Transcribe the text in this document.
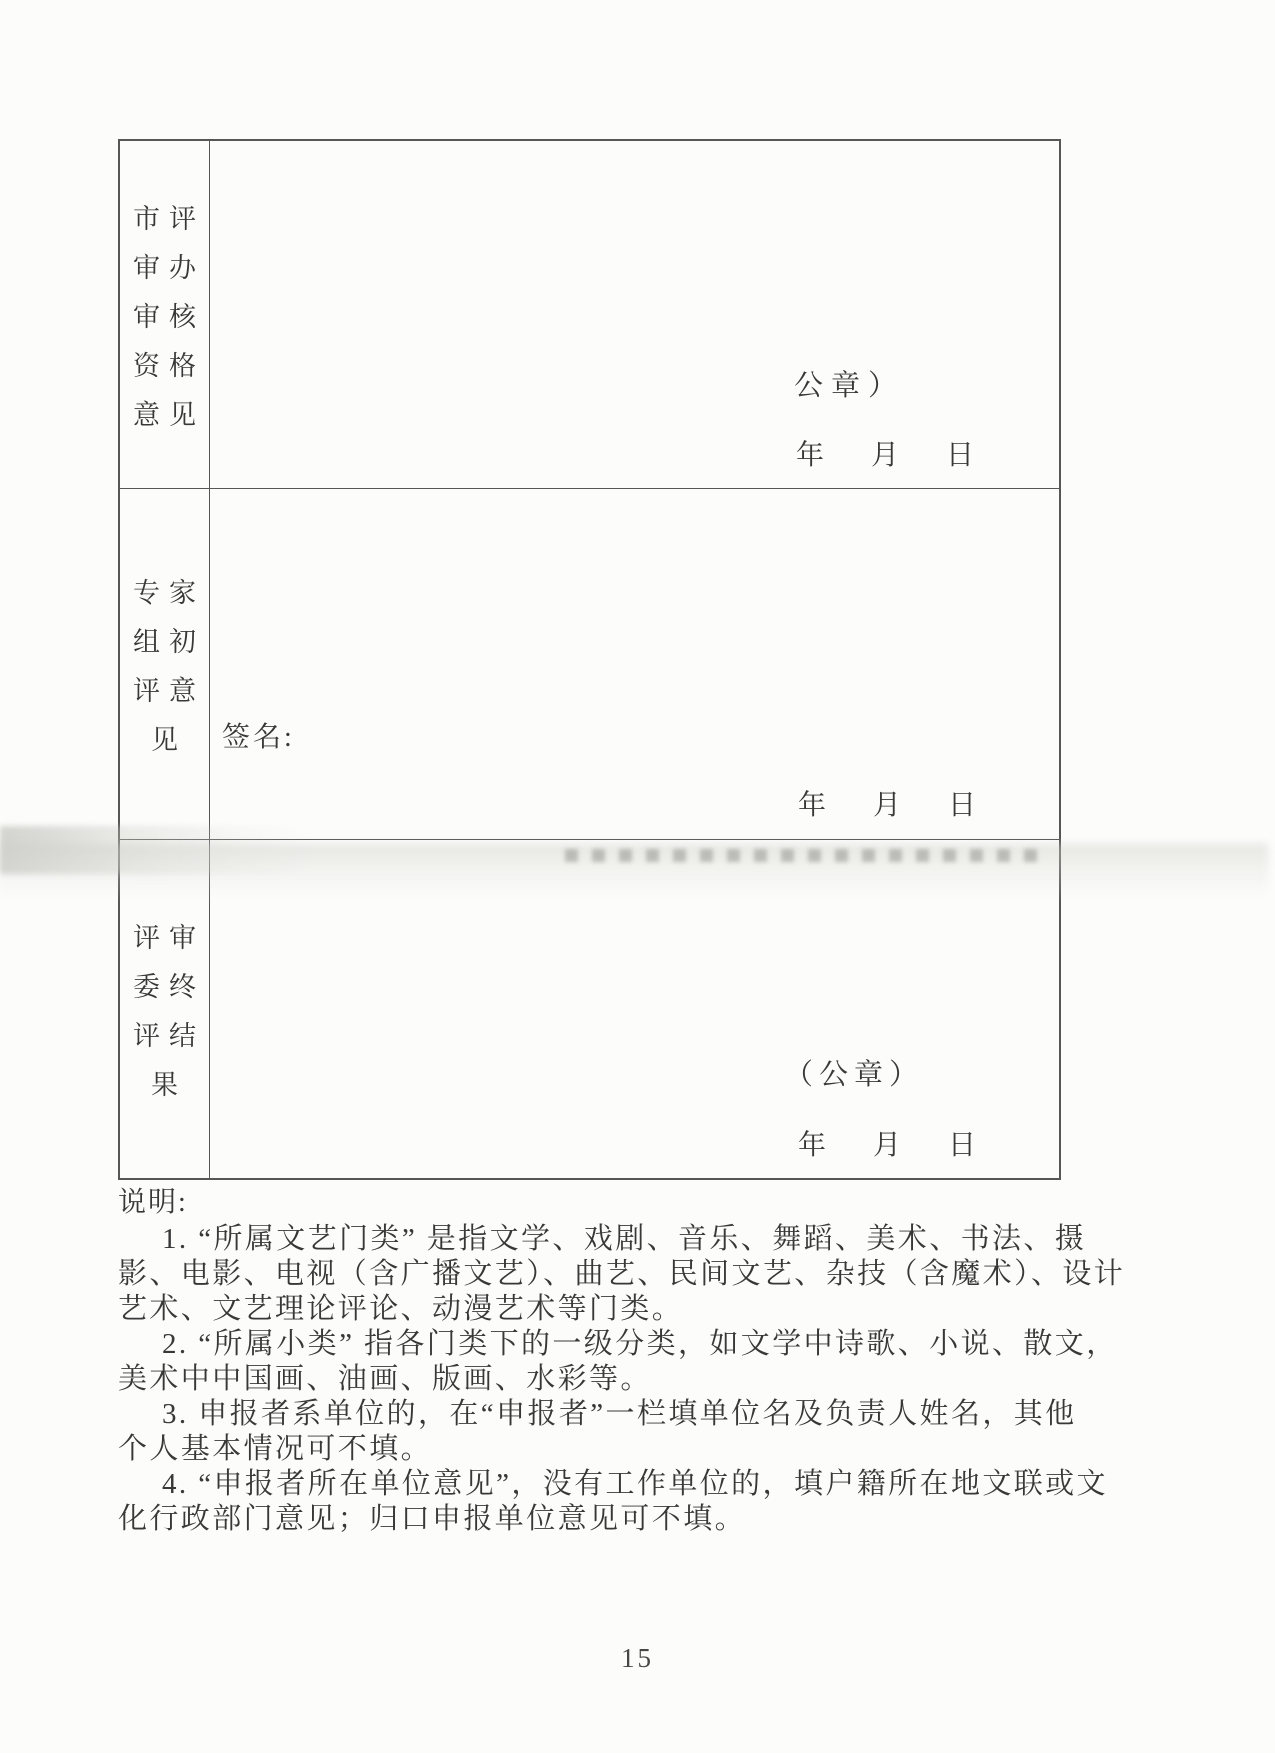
市评
审办
审核
资格
意见
公章）
年 月 日
专家
组初
评意
见 签名:
年 月 日
评审
委终
评结
果	（公章）
年 月 日
说明:
1. “所属文艺门类” 是指文学、戏剧、音乐、舞蹈、美术、书法、摄
影、电影、电视（含广播文艺）、曲艺、民间文艺、杂技（含魔术）、设计
艺术、文艺理论评论、动漫艺术等门类。
2. “所属小类” 指各门类下的一级分类，如文学中诗歌、小说、散文，
美术中中国画、油画、版画、水彩等。
3. 申报者系单位的，在“申报者”一栏填单位名及负责人姓名，其他
个人基本情况可不填。
4. “申报者所在单位意见”，没有工作单位的，填户籍所在地文联或文
化行政部门意见；归口申报单位意见可不填。
15
